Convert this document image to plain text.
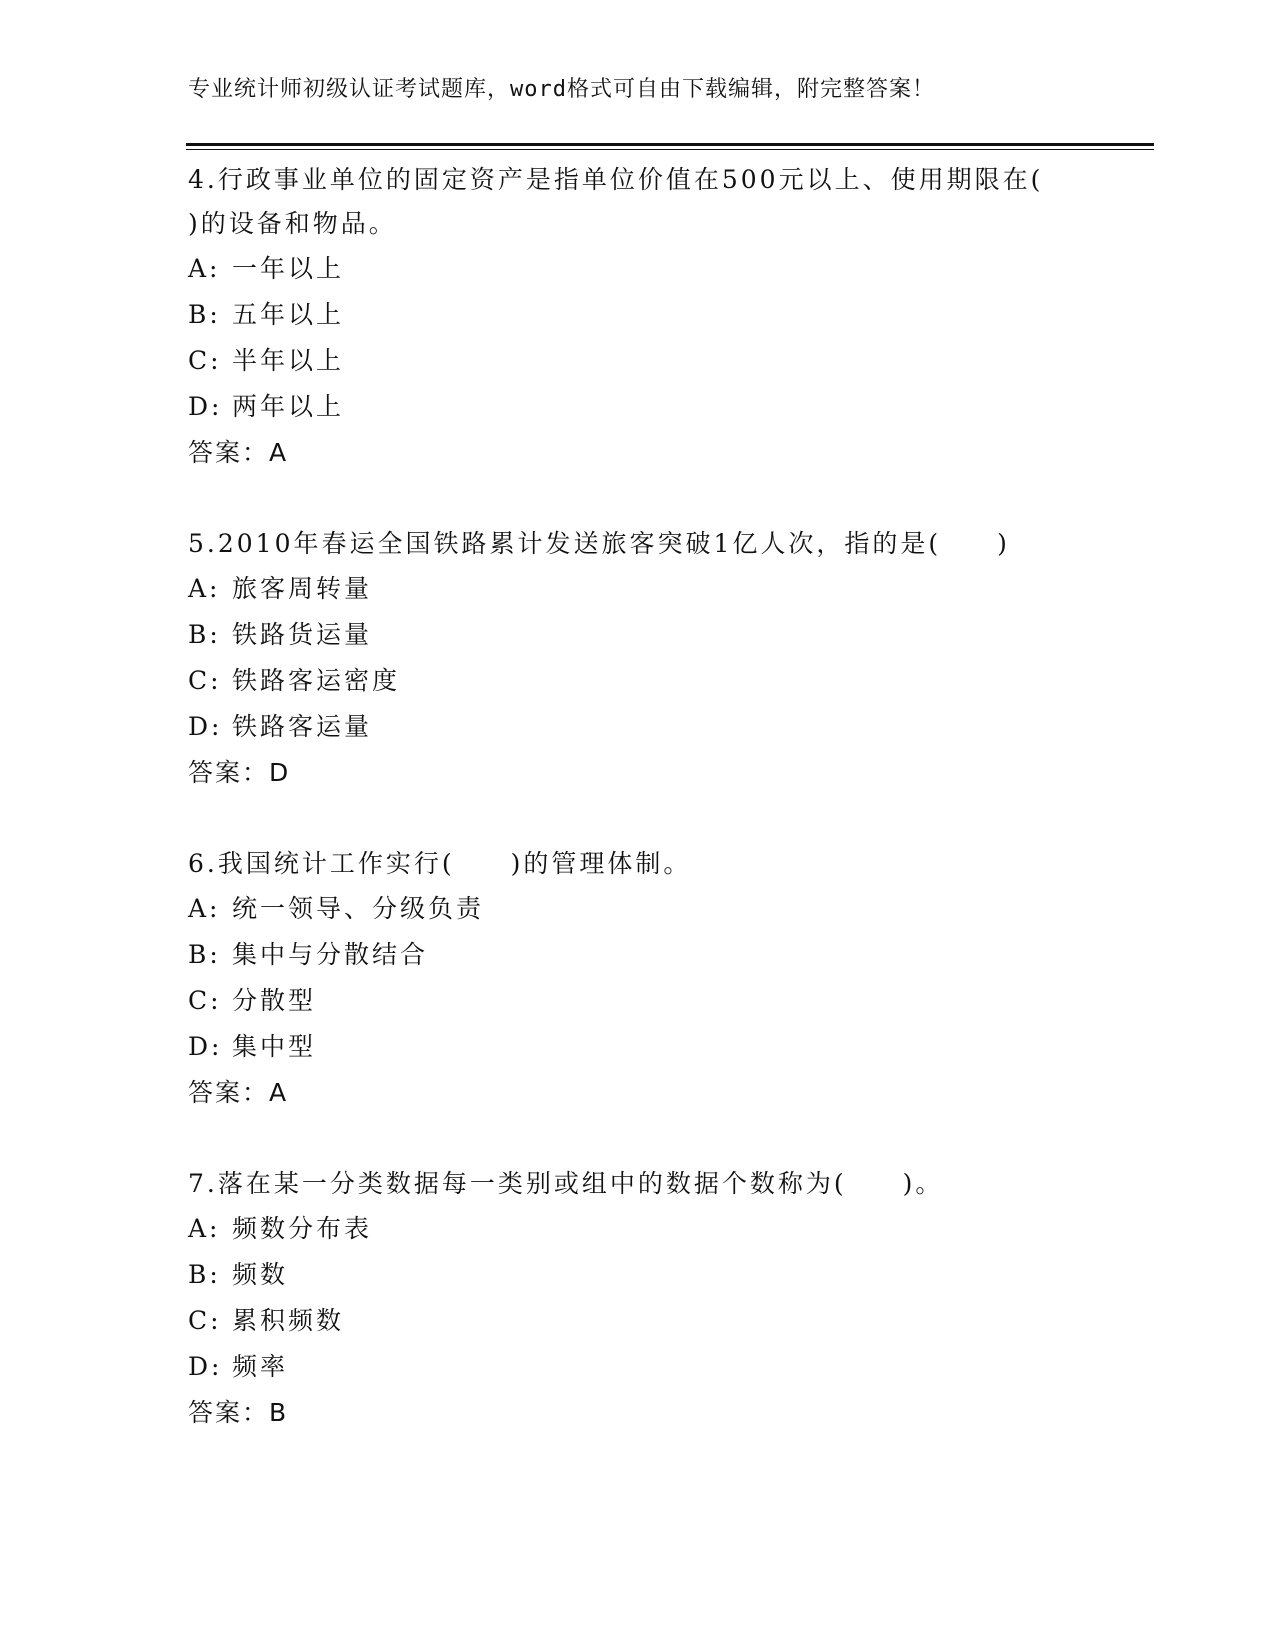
专业统计师初级认证考试题库，word格式可自由下载编辑，附完整答案！
4.行政事业单位的固定资产是指单位价值在500元以上、使用期限在(
)的设备和物品。
A: 一年以上
B: 五年以上
C: 半年以上
D: 两年以上
答案：A
5.2010年春运全国铁路累计发送旅客突破1亿人次，指的是(　　)
A: 旅客周转量
B: 铁路货运量
C: 铁路客运密度
D: 铁路客运量
答案：D
6.我国统计工作实行(　　)的管理体制。
A: 统一领导、分级负责
B: 集中与分散结合
C: 分散型
D: 集中型
答案：A
7.落在某一分类数据每一类别或组中的数据个数称为(　　)。
A: 频数分布表
B: 频数
C: 累积频数
D: 频率
答案：B
